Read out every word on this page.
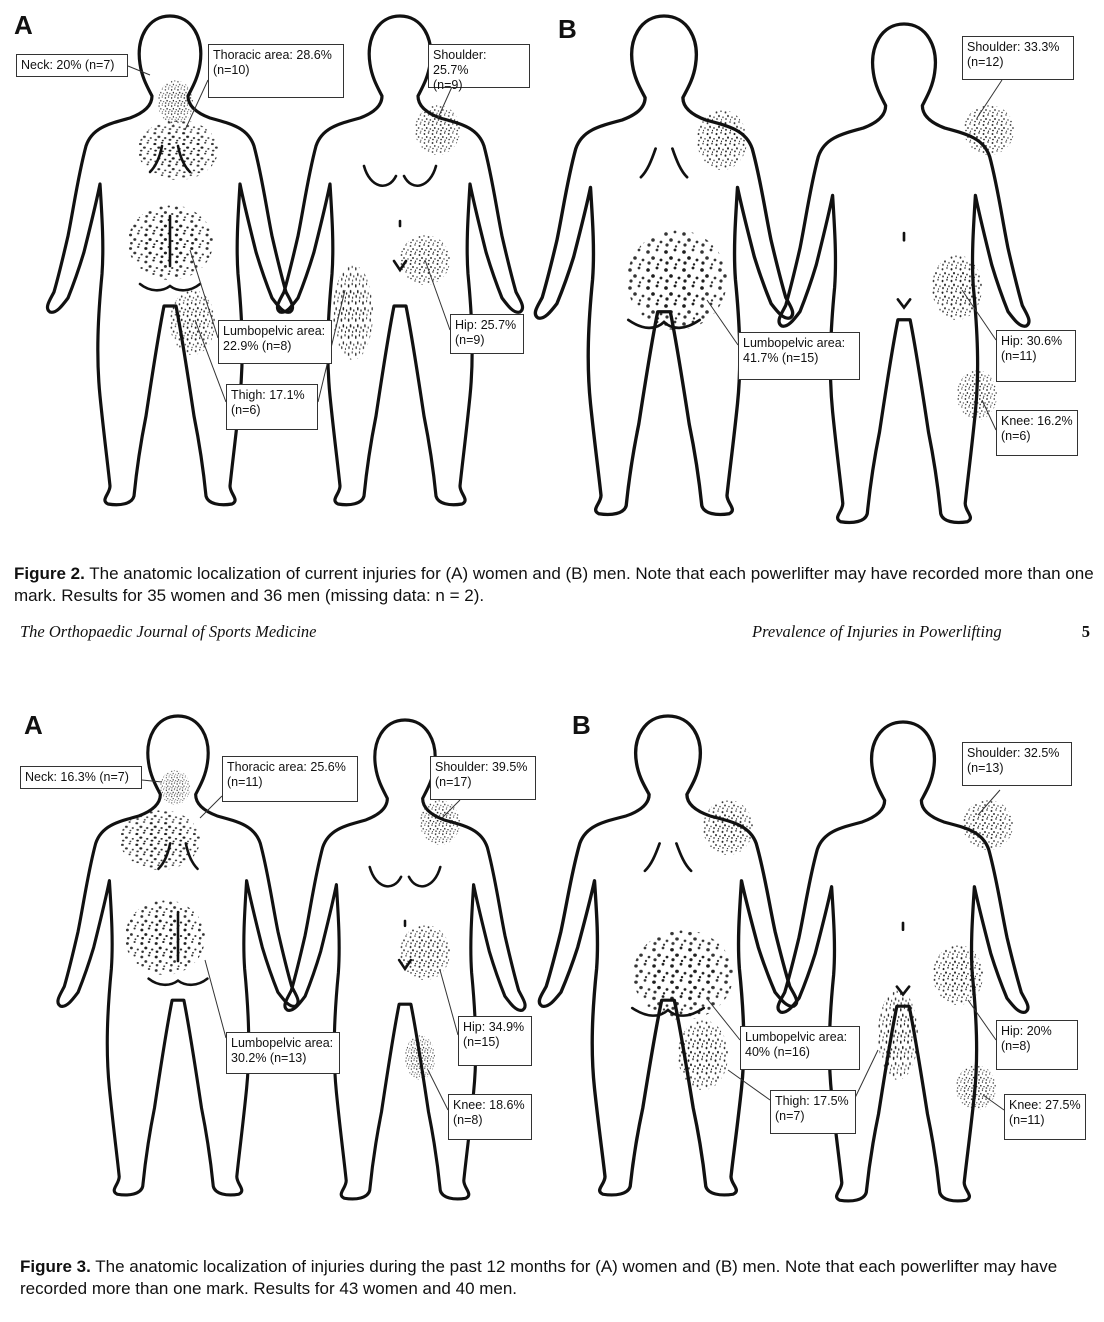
A
Neck: 20% (n=7)
Thoracic area: 28.6%
(n=10)
Shoulder: 25.7%
(n=9)
Lumbopelvic area:
22.9% (n=8)
Hip: 25.7%
(n=9)
Thigh: 17.1%
(n=6)
B
Shoulder: 33.3%
(n=12)
Lumbopelvic area:
41.7% (n=15)
Hip: 30.6%
(n=11)
Knee: 16.2%
(n=6)
Figure 2. The anatomic localization of current injuries for (A) women and (B) men. Note that each powerlifter may have recorded more than one mark. Results for 35 women and 36 men (missing data: n = 2).
The Orthopaedic Journal of Sports Medicine	Prevalence of Injuries in Powerlifting	5
A
Neck: 16.3% (n=7)
Thoracic area: 25.6%
(n=11)
Shoulder: 39.5%
(n=17)
Lumbopelvic area:
30.2% (n=13)
Hip: 34.9%
(n=15)
Knee: 18.6%
(n=8)
B
Shoulder: 32.5%
(n=13)
Lumbopelvic area:
40% (n=16)
Thigh: 17.5%
(n=7)
Hip: 20%
(n=8)
Knee: 27.5%
(n=11)
Figure 3. The anatomic localization of injuries during the past 12 months for (A) women and (B) men. Note that each powerlifter may have recorded more than one mark. Results for 43 women and 40 men.
